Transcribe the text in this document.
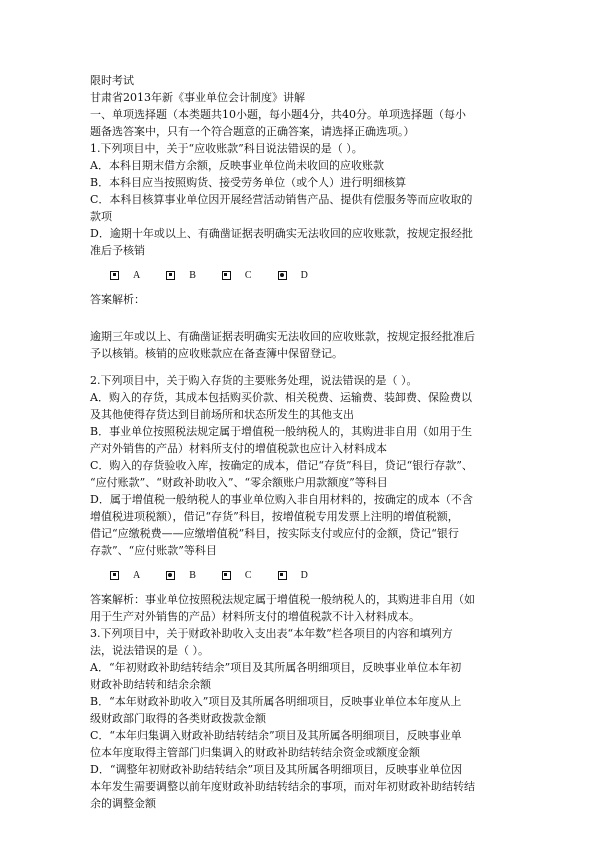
限时考试
甘肃省2013年新《事业单位会计制度》讲解
一、单项选择题（本类题共10小题，每小题4分，共40分。单项选择题（每小
题备选答案中，只有一个符合题意的正确答案，请选择正确选项。）
1.下列项目中，关于“应收账款”科目说法错误的是（ ）。
A．本科目期末借方余额，反映事业单位尚未收回的应收账款
B．本科目应当按照购货、接受劳务单位（或个人）进行明细核算
C．本科目核算事业单位因开展经营活动销售产品、提供有偿服务等而应收取的
款项
D．逾期十年或以上、有确凿证据表明确实无法收回的应收账款，按规定报经批
准后予核销
A	B	C	D
答案解析：
逾期三年或以上、有确凿证据表明确实无法收回的应收账款，按规定报经批准后
予以核销。核销的应收账款应在备查簿中保留登记。
2.下列项目中，关于购入存货的主要账务处理，说法错误的是（ ）。
A．购入的存货，其成本包括购买价款、相关税费、运输费、装卸费、保险费以
及其他使得存货达到目前场所和状态所发生的其他支出
B．事业单位按照税法规定属于增值税一般纳税人的，其购进非自用（如用于生
产对外销售的产品）材料所支付的增值税款也应计入材料成本
C．购入的存货验收入库，按确定的成本，借记“存货”科目，贷记“银行存款”、
“应付账款”、“财政补助收入”、“零余额账户用款额度”等科目
D．属于增值税一般纳税人的事业单位购入非自用材料的，按确定的成本（不含
增值税进项税额），借记“存货”科目，按增值税专用发票上注明的增值税额，
借记“应缴税费——应缴增值税”科目，按实际支付或应付的金额，贷记“银行
存款”、“应付账款”等科目
A	B	C	D
答案解析：事业单位按照税法规定属于增值税一般纳税人的，其购进非自用（如
用于生产对外销售的产品）材料所支付的增值税款不计入材料成本。
3.下列项目中，关于财政补助收入支出表“本年数”栏各项目的内容和填列方
法，说法错误的是（ ）。
A．“年初财政补助结转结余”项目及其所属各明细项目，反映事业单位本年初
财政补助结转和结余余额
B．“本年财政补助收入”项目及其所属各明细项目，反映事业单位本年度从上
级财政部门取得的各类财政拨款金额
C．“本年归集调入财政补助结转结余”项目及其所属各明细项目，反映事业单
位本年度取得主管部门归集调入的财政补助结转结余资金或额度金额
D．“调整年初财政补助结转结余”项目及其所属各明细项目，反映事业单位因
本年发生需要调整以前年度财政补助结转结余的事项，而对年初财政补助结转结
余的调整金额
